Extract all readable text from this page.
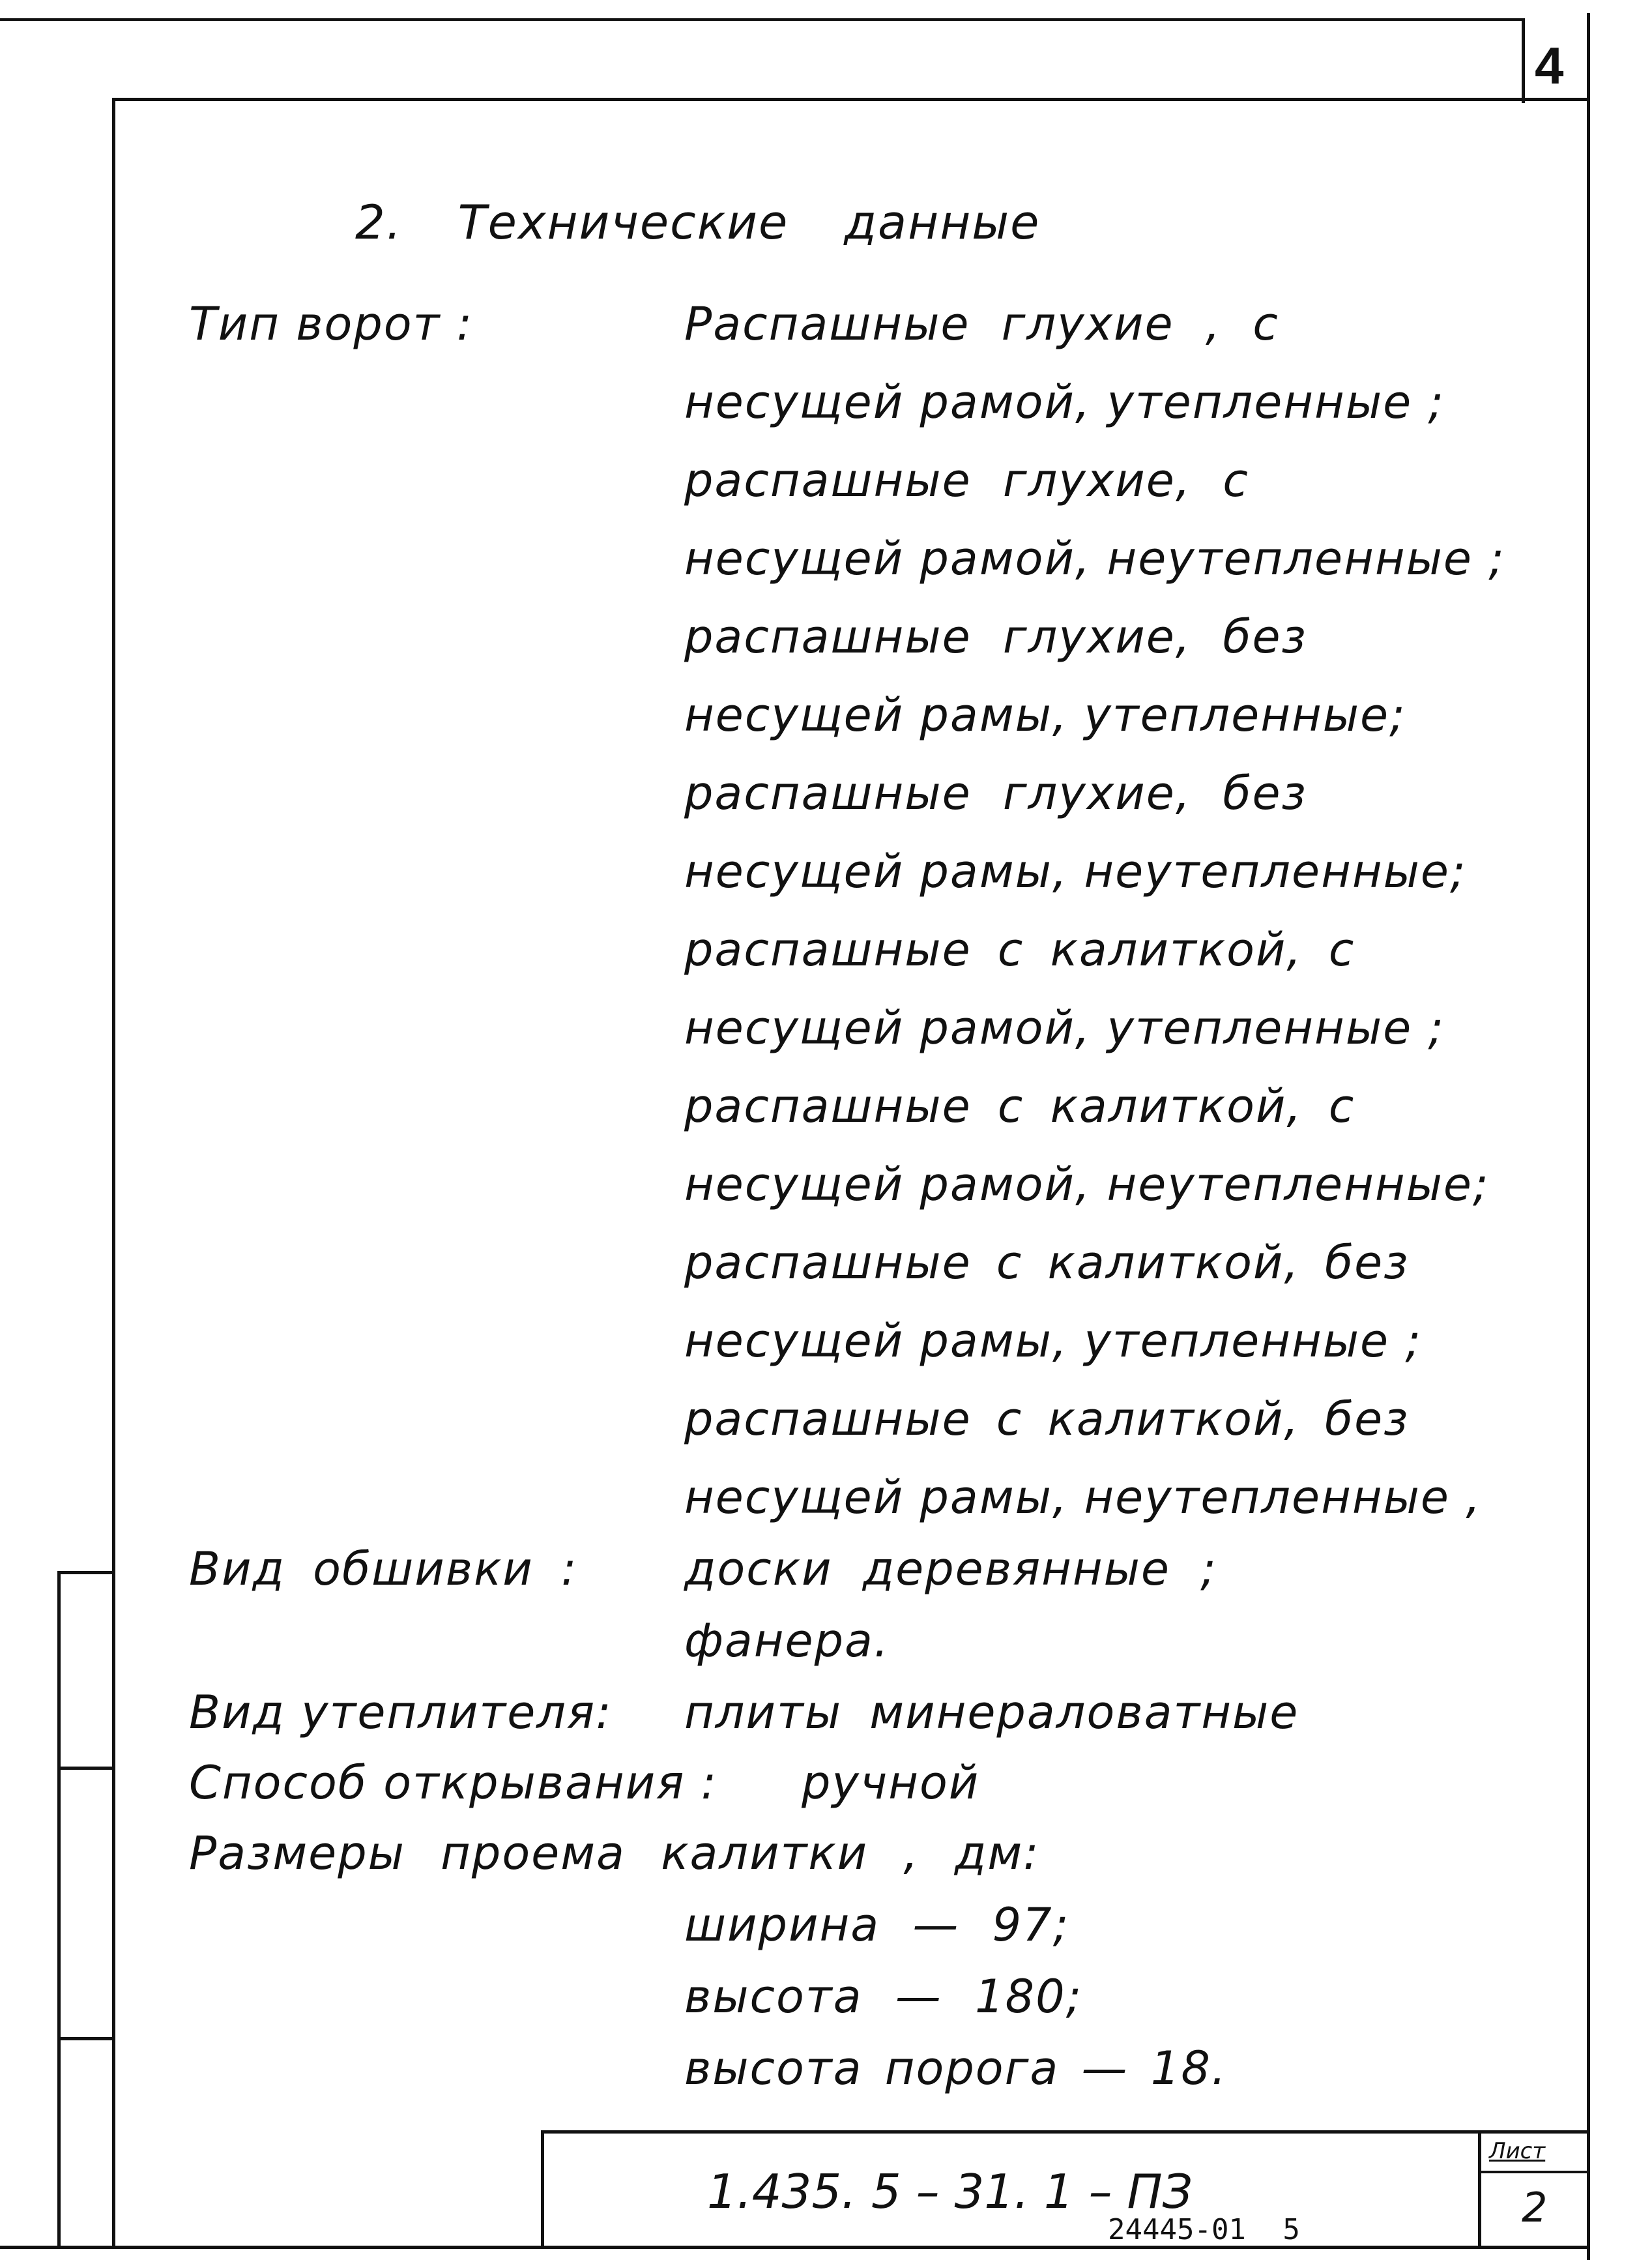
4
2. Технические данные
Тип ворот :	Распашные глухие , с
несущей рамой, утепленные ;
распашные глухие, с
несущей рамой, неутепленные ;
распашные глухие, без
несущей рамы, утепленные;
распашные глухие, без
несущей рамы, неутепленные;
распашные с калиткой, с
несущей рамой, утепленные ;
распашные с калиткой, с
несущей рамой, неутепленные;
распашные с калиткой, без
несущей рамы, утепленные ;
распашные с калиткой, без
несущей рамы, неутепленные ,
Вид обшивки : доски деревянные ;
фанера.
Вид утеплителя: плиты минераловатные
Способ открывания : ручной
Размеры проема калитки , дм:
ширина — 97;
высота — 180;
высота порога — 18.
1.435. 5 – 31. 1 – ПЗ
Лист
2
24445-01 5
